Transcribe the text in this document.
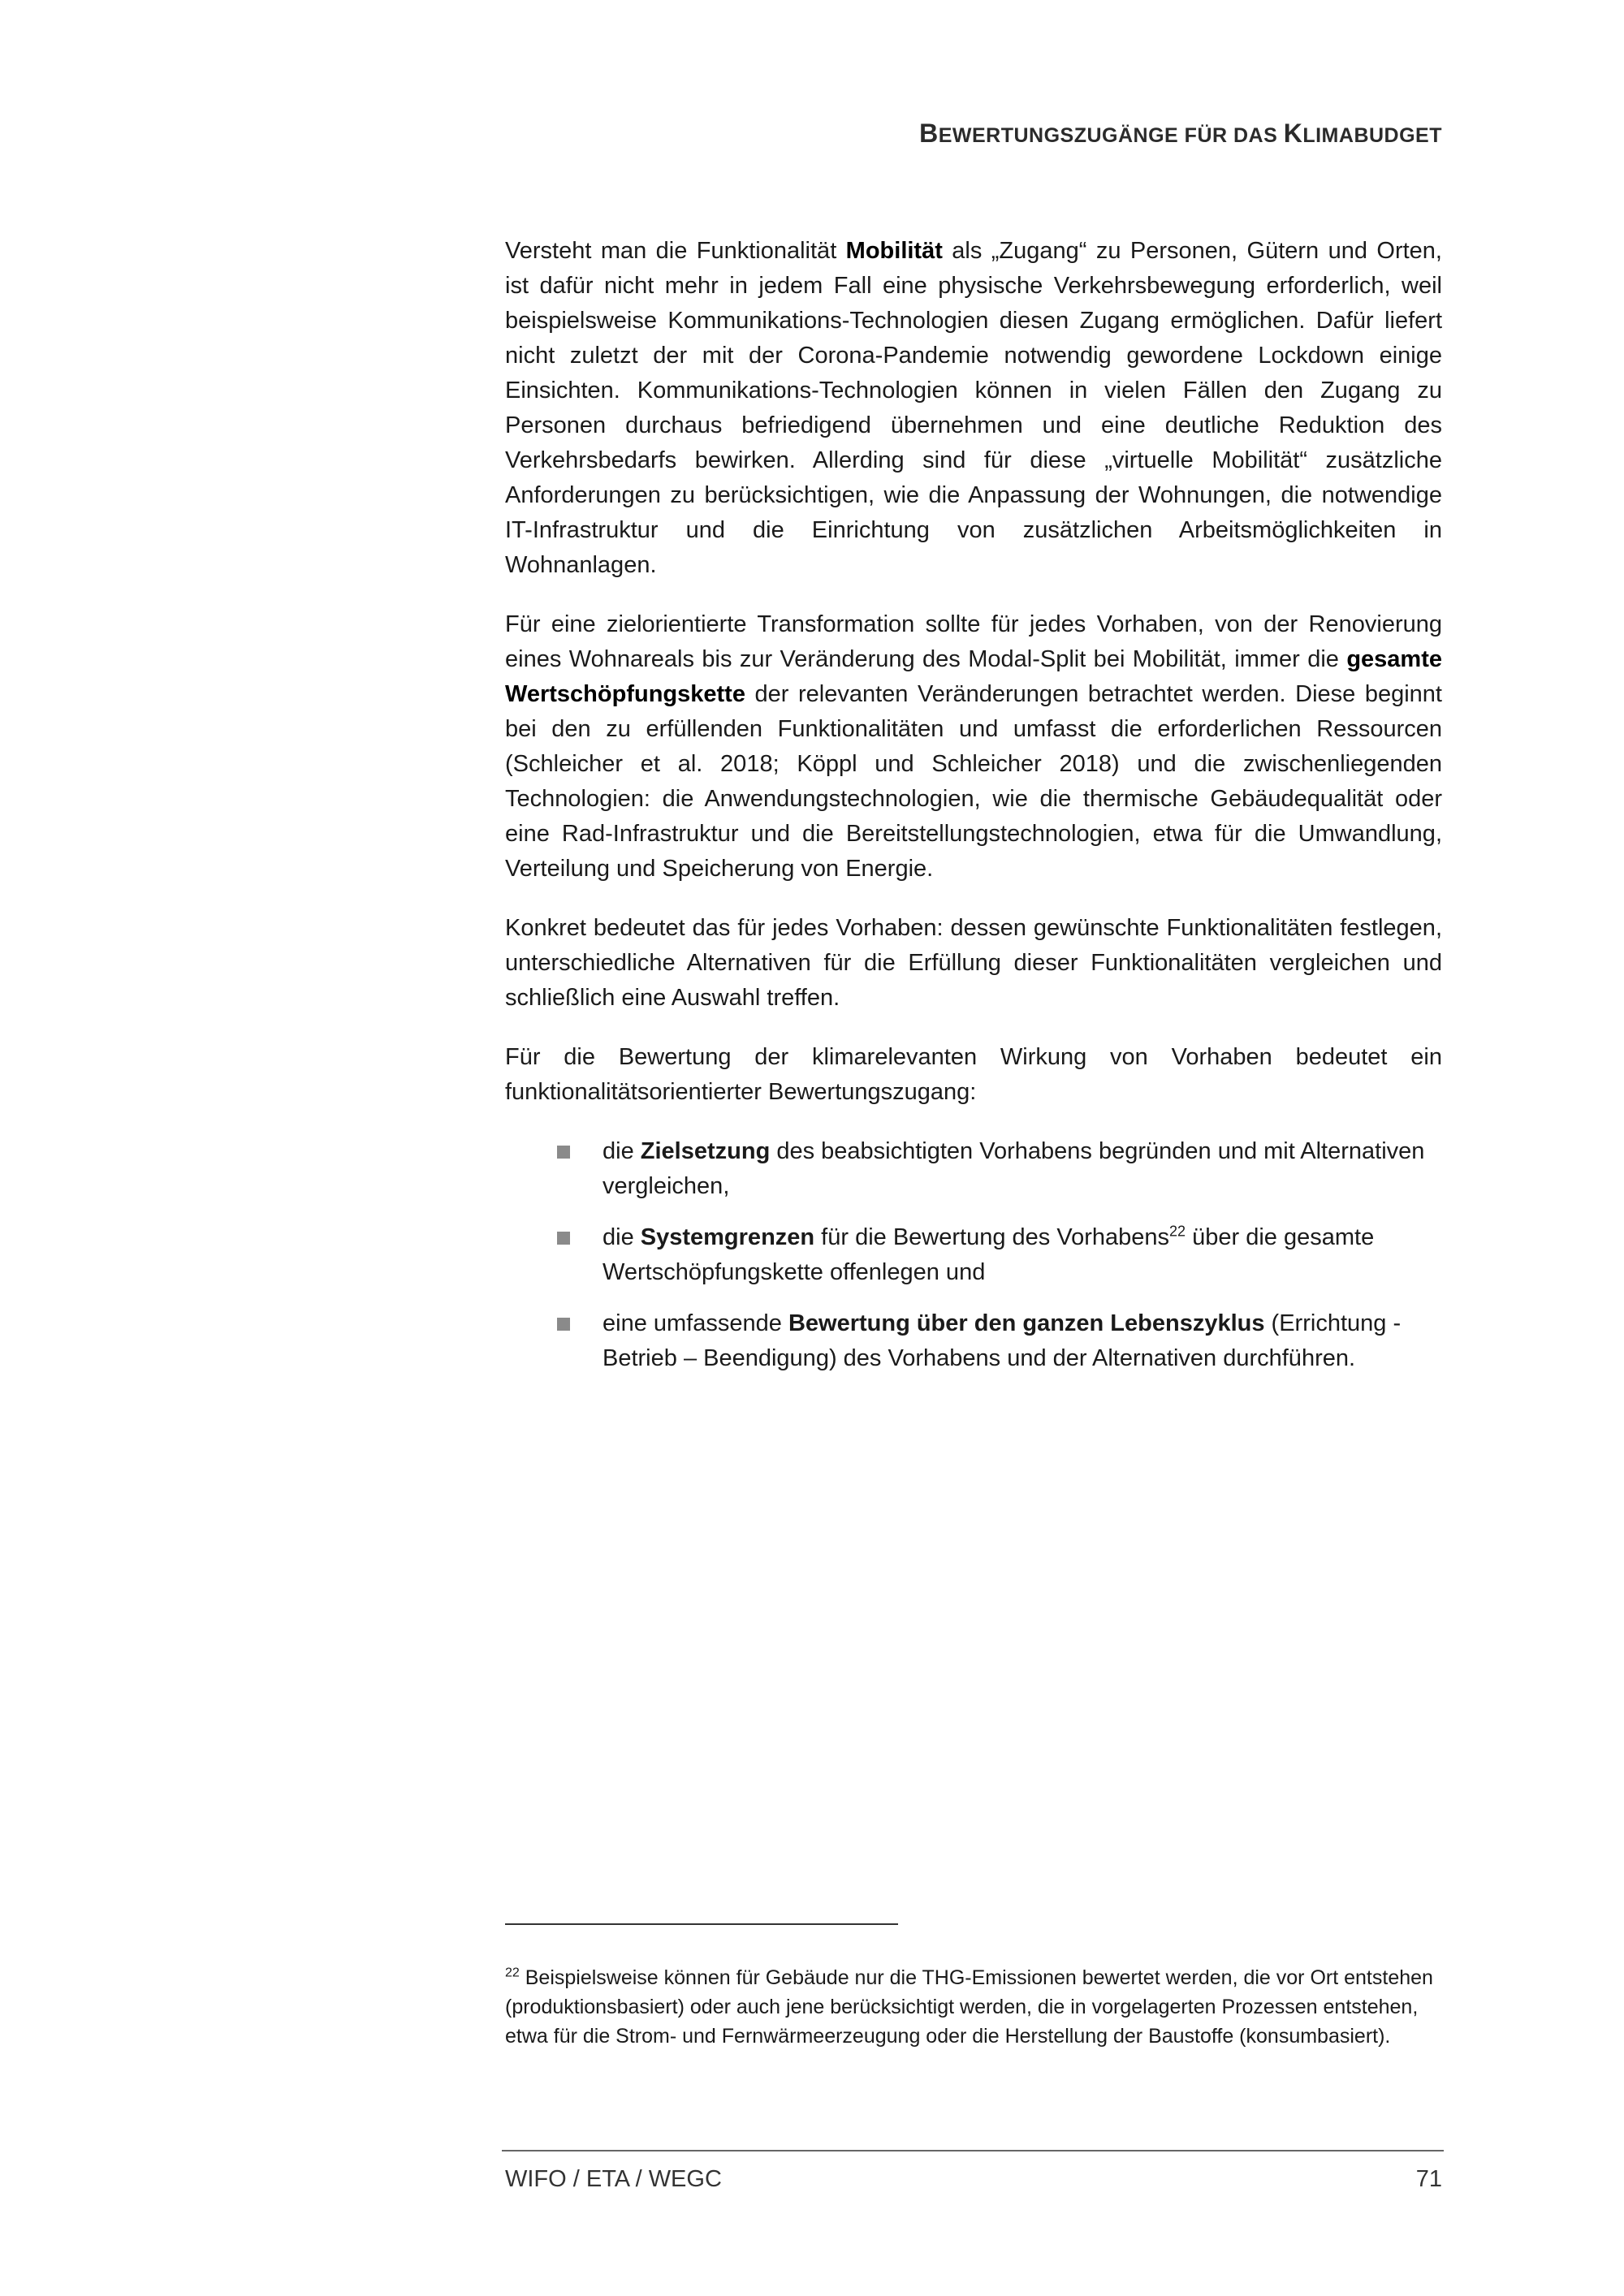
BEWERTUNGSZUGÄNGE FÜR DAS KLIMABUDGET

Versteht man die Funktionalität Mobilität als „Zugang“ zu Personen, Gütern und Orten, ist dafür nicht mehr in jedem Fall eine physische Verkehrsbewegung erforderlich, weil beispielsweise Kommunikations-Technologien diesen Zugang ermöglichen. Dafür liefert nicht zuletzt der mit der Corona-Pandemie notwendig gewordene Lockdown einige Einsichten. Kommunikations-Technologien können in vielen Fällen den Zugang zu Personen durchaus befriedigend übernehmen und eine deutliche Reduktion des Verkehrsbedarfs bewirken. Allerding sind für diese „virtuelle Mobilität“ zusätzliche Anforderungen zu berücksichtigen, wie die Anpassung der Wohnungen, die notwendige IT-Infrastruktur und die Einrichtung von zusätzlichen Arbeitsmöglichkeiten in Wohnanlagen.

Für eine zielorientierte Transformation sollte für jedes Vorhaben, von der Renovierung eines Wohnareals bis zur Veränderung des Modal-Split bei Mobilität, immer die gesamte Wertschöpfungskette der relevanten Veränderungen betrachtet werden. Diese beginnt bei den zu erfüllenden Funktionalitäten und umfasst die erforderlichen Ressourcen (Schleicher et al. 2018; Köppl und Schleicher 2018) und die zwischenliegenden Technologien: die Anwendungstechnologien, wie die thermische Gebäudequalität oder eine Rad-Infrastruktur und die Bereitstellungstechnologien, etwa für die Umwandlung, Verteilung und Speicherung von Energie.

Konkret bedeutet das für jedes Vorhaben: dessen gewünschte Funktionalitäten festlegen, unterschiedliche Alternativen für die Erfüllung dieser Funktionalitäten vergleichen und schließlich eine Auswahl treffen.

Für die Bewertung der klimarelevanten Wirkung von Vorhaben bedeutet ein funktionalitätsorientierter Bewertungszugang:

die Zielsetzung des beabsichtigten Vorhabens begründen und mit Alternativen vergleichen,
die Systemgrenzen für die Bewertung des Vorhabens$^{22}$ über die gesamte Wertschöpfungskette offenlegen und
eine umfassende Bewertung über den ganzen Lebenszyklus (Errichtung - Betrieb – Beendigung) des Vorhabens und der Alternativen durchführen.
$^{22}$ Beispielsweise können für Gebäude nur die THG-Emissionen bewertet werden, die vor Ort entstehen (produktionsbasiert) oder auch jene berücksichtigt werden, die in vorgelagerten Prozessen entstehen, etwa für die Strom- und Fernwärmeerzeugung oder die Herstellung der Baustoffe (konsumbasiert).
WIFO / ETA / WEGC	71
